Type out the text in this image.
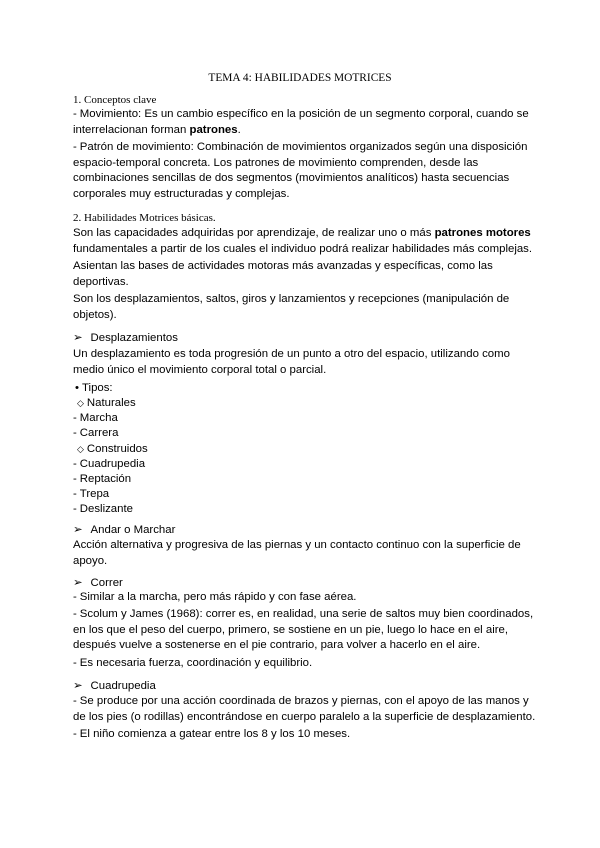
TEMA 4: HABILIDADES MOTRICES
1. Conceptos clave
- Movimiento: Es un cambio específico en la posición de un segmento corporal, cuando se
interrelacionan forman patrones.
- Patrón de movimiento: Combinación de movimientos organizados según una disposición
espacio-temporal concreta. Los patrones de movimiento comprenden, desde las
combinaciones sencillas de dos segmentos (movimientos analíticos) hasta secuencias
corporales muy estructuradas y complejas.
2. Habilidades Motrices básicas.
Son las capacidades adquiridas por aprendizaje, de realizar uno o más patrones motores
fundamentales a partir de los cuales el individuo podrá realizar habilidades más complejas.
Asientan las bases de actividades motoras más avanzadas y específicas, como las
deportivas.
Son los desplazamientos, saltos, giros y lanzamientos y recepciones (manipulación de
objetos).
➢ Desplazamientos
Un desplazamiento es toda progresión de un punto a otro del espacio, utilizando como
medio único el movimiento corporal total o parcial.
• Tipos:
◇ Naturales
- Marcha
- Carrera
◇ Construidos
- Cuadrupedia
- Reptación
- Trepa
- Deslizante
➢ Andar o Marchar
Acción alternativa y progresiva de las piernas y un contacto continuo con la superficie de
apoyo.
➢ Correr
- Similar a la marcha, pero más rápido y con fase aérea.
- Scolum y James (1968): correr es, en realidad, una serie de saltos muy bien coordinados,
en los que el peso del cuerpo, primero, se sostiene en un pie, luego lo hace en el aire,
después vuelve a sostenerse en el pie contrario, para volver a hacerlo en el aire.
- Es necesaria fuerza, coordinación y equilibrio.
➢ Cuadrupedia
- Se produce por una acción coordinada de brazos y piernas, con el apoyo de las manos y
de los pies (o rodillas) encontrándose en cuerpo paralelo a la superficie de desplazamiento.
- El niño comienza a gatear entre los 8 y los 10 meses.
